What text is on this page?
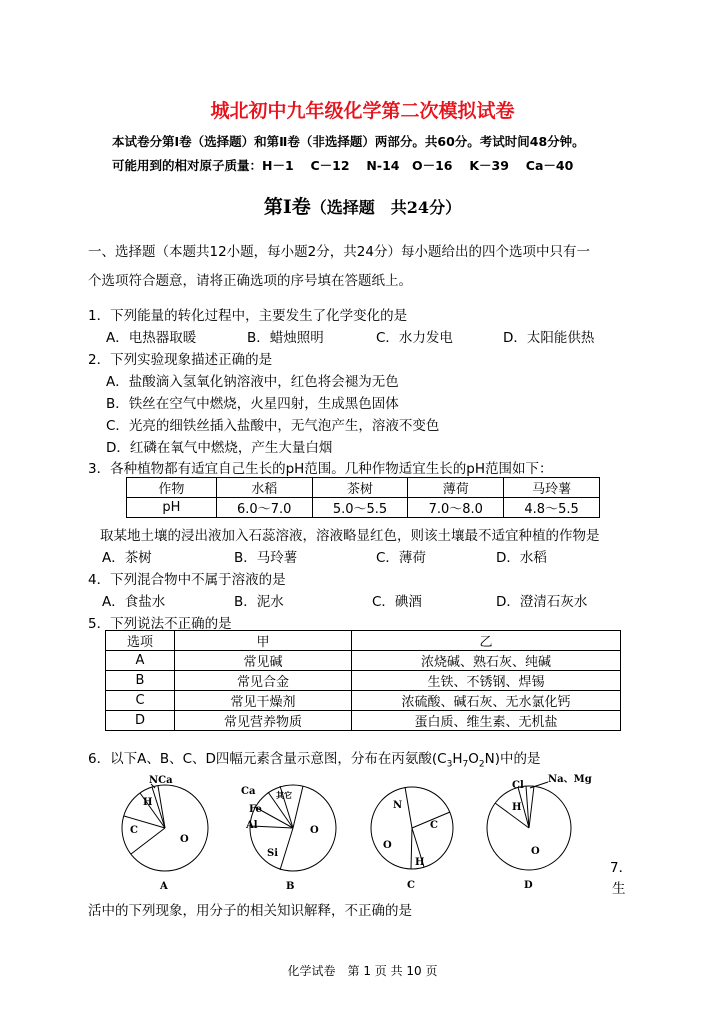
城北初中九年级化学第二次模拟试卷
本试卷分第Ⅰ卷（选择题）和第Ⅱ卷（非选择题）两部分。共60分。考试时间48分钟。
可能用到的相对原子质量：H－1　 C－12　 N-14　O－16　 K－39　 Ca－40
第Ⅰ卷（选择题　共24分）
一、选择题（本题共12小题，每小题2分，共24分）每小题给出的四个选项中只有一
个选项符合题意，请将正确选项的序号填在答题纸上。
1．下列能量的转化过程中，主要发生了化学变化的是
A．电热器取暖	B．蜡烛照明	C．水力发电	D．太阳能供热
2．下列实验现象描述正确的是
A．盐酸滴入氢氧化钠溶液中，红色将会褪为无色
B．铁丝在空气中燃烧，火星四射，生成黑色固体
C．光亮的细铁丝插入盐酸中，无气泡产生，溶液不变色
D．红磷在氧气中燃烧，产生大量白烟
3．各种植物都有适宜自己生长的pH范围。几种作物适宜生长的pH范围如下：
作物	水稻	茶树	薄荷	马玲薯
pH	6.0～7.0	5.0～5.5	7.0～8.0	4.8～5.5
取某地土壤的浸出液加入石蕊溶液，溶液略显红色，则该土壤最不适宜种植的作物是
A．茶树	B．马玲薯	C．薄荷	D．水稻
4．下列混合物中不属于溶液的是
A．食盐水	B．泥水	C．碘酒	D．澄清石灰水
5．下列说法不正确的是
选项	甲	乙
A	常见碱	浓烧碱、熟石灰、纯碱
B	常见合金	生铁、不锈钢、焊锡
C	常见干燥剂	浓硫酸、碱石灰、无水氯化钙
D	常见营养物质	蛋白质、维生素、无机盐
6．以下A、B、C、D四幅元素含量示意图，分布在丙氨酸$(C_3H_7O_2N)$中的是
NCa
H
C
O
A
Ca	其它
Fe
Al
Si
O
B
N
O
C
H
C
Cl
Na、Mg
H
O
D
7．
生
活中的下列现象，用分子的相关知识解释，不正确的是
化学试卷　第 1 页 共 10 页
